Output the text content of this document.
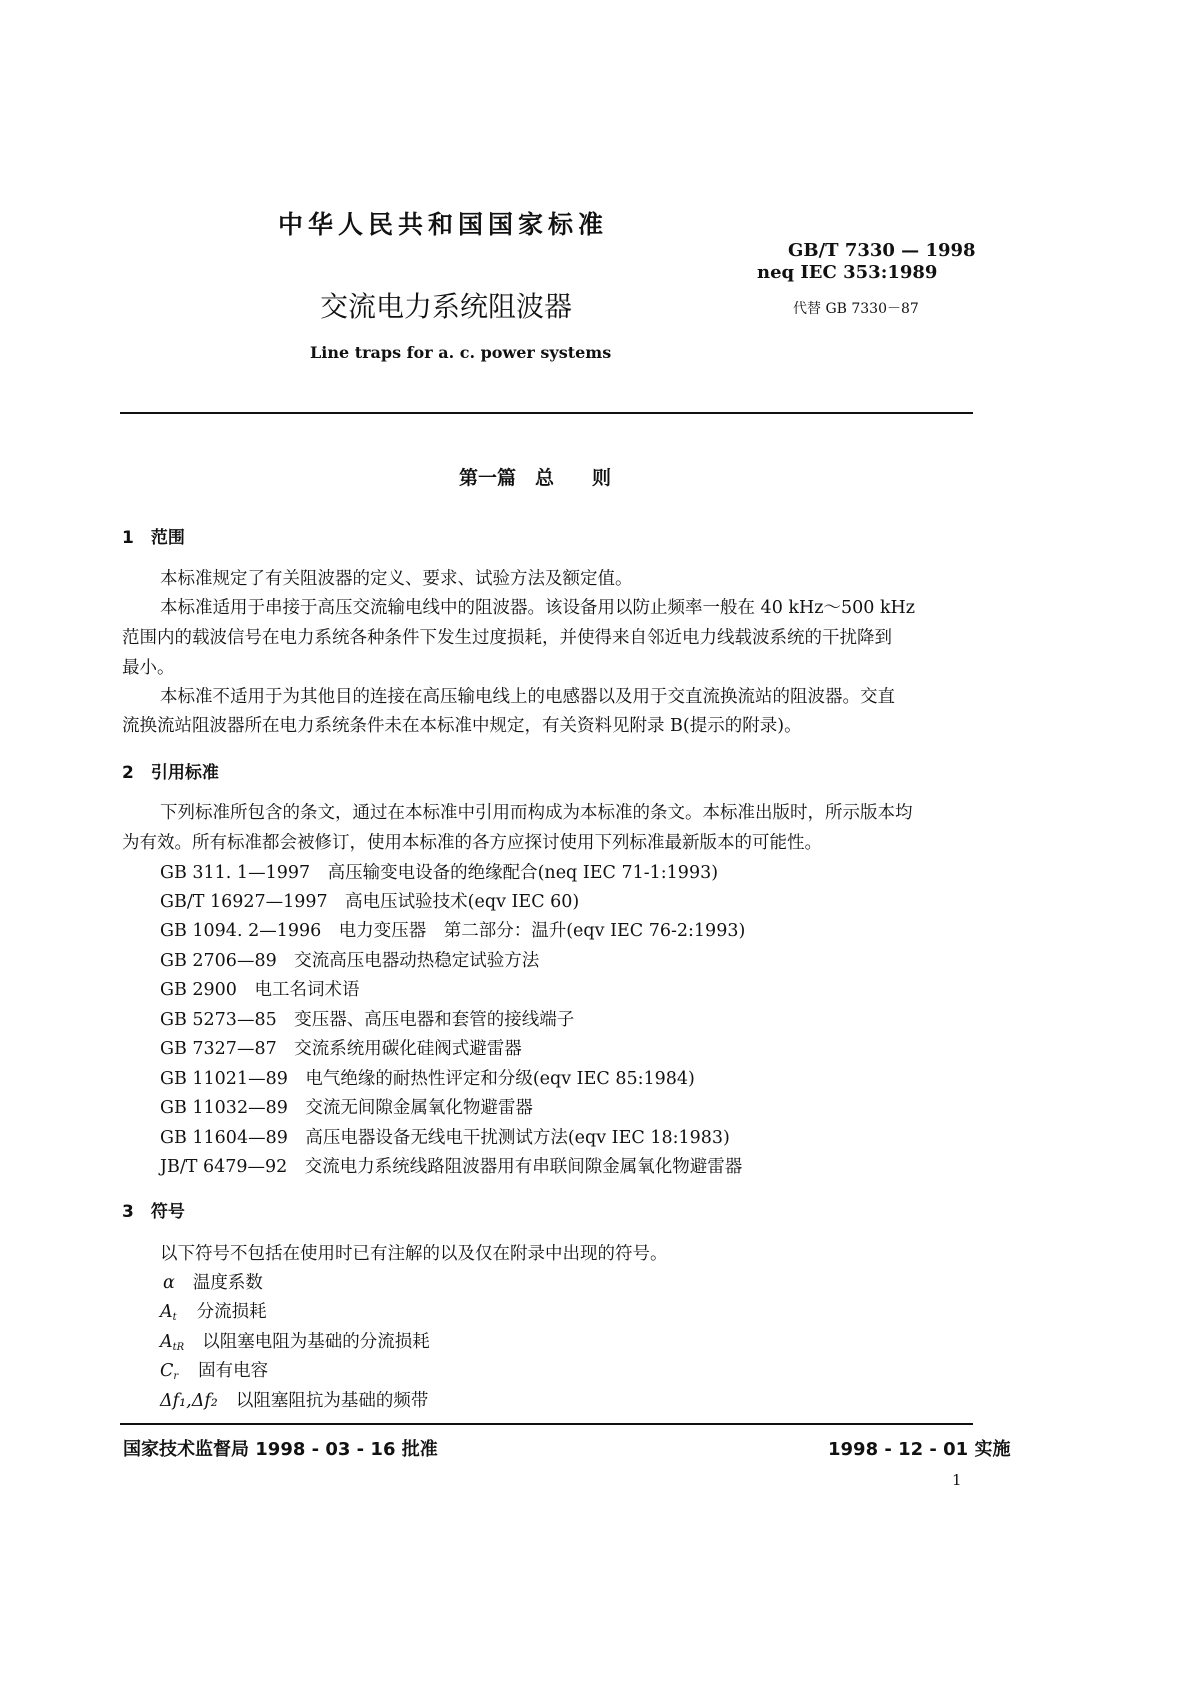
中华人民共和国国家标准
GB/T 7330 — 1998
neq IEC 353:1989
代替 GB 7330－87
交流电力系统阻波器
Line traps for a. c. power systems
第一篇　总　　则
1　范围
本标准规定了有关阻波器的定义、要求、试验方法及额定值。
本标准适用于串接于高压交流输电线中的阻波器。该设备用以防止频率一般在 40 kHz～500 kHz
范围内的载波信号在电力系统各种条件下发生过度损耗，并使得来自邻近电力线载波系统的干扰降到
最小。
本标准不适用于为其他目的连接在高压输电线上的电感器以及用于交直流换流站的阻波器。交直
流换流站阻波器所在电力系统条件未在本标准中规定，有关资料见附录 B(提示的附录)。
2　引用标准
下列标准所包含的条文，通过在本标准中引用而构成为本标准的条文。本标准出版时，所示版本均
为有效。所有标准都会被修订，使用本标准的各方应探讨使用下列标准最新版本的可能性。
GB 311. 1—1997　高压输变电设备的绝缘配合(neq IEC 71-1:1993)
GB/T 16927—1997　高电压试验技术(eqv IEC 60)
GB 1094. 2—1996　电力变压器　第二部分：温升(eqv IEC 76-2:1993)
GB 2706—89　交流高压电器动热稳定试验方法
GB 2900　电工名词术语
GB 5273—85　变压器、高压电器和套管的接线端子
GB 7327—87　交流系统用碳化硅阀式避雷器
GB 11021—89　电气绝缘的耐热性评定和分级(eqv IEC 85:1984)
GB 11032—89　交流无间隙金属氧化物避雷器
GB 11604—89　高压电器设备无线电干扰测试方法(eqv IEC 18:1983)
JB/T 6479—92　交流电力系统线路阻波器用有串联间隙金属氧化物避雷器
3　符号
以下符号不包括在使用时已有注解的以及仅在附录中出现的符号。
α 温度系数
$A_t$ 分流损耗
$A_{tR}$ 以阻塞电阻为基础的分流损耗
$C_r$ 固有电容
Δf₁,Δf₂ 以阻塞阻抗为基础的频带
国家技术监督局 1998 - 03 - 16 批准	1998 - 12 - 01 实施
1
